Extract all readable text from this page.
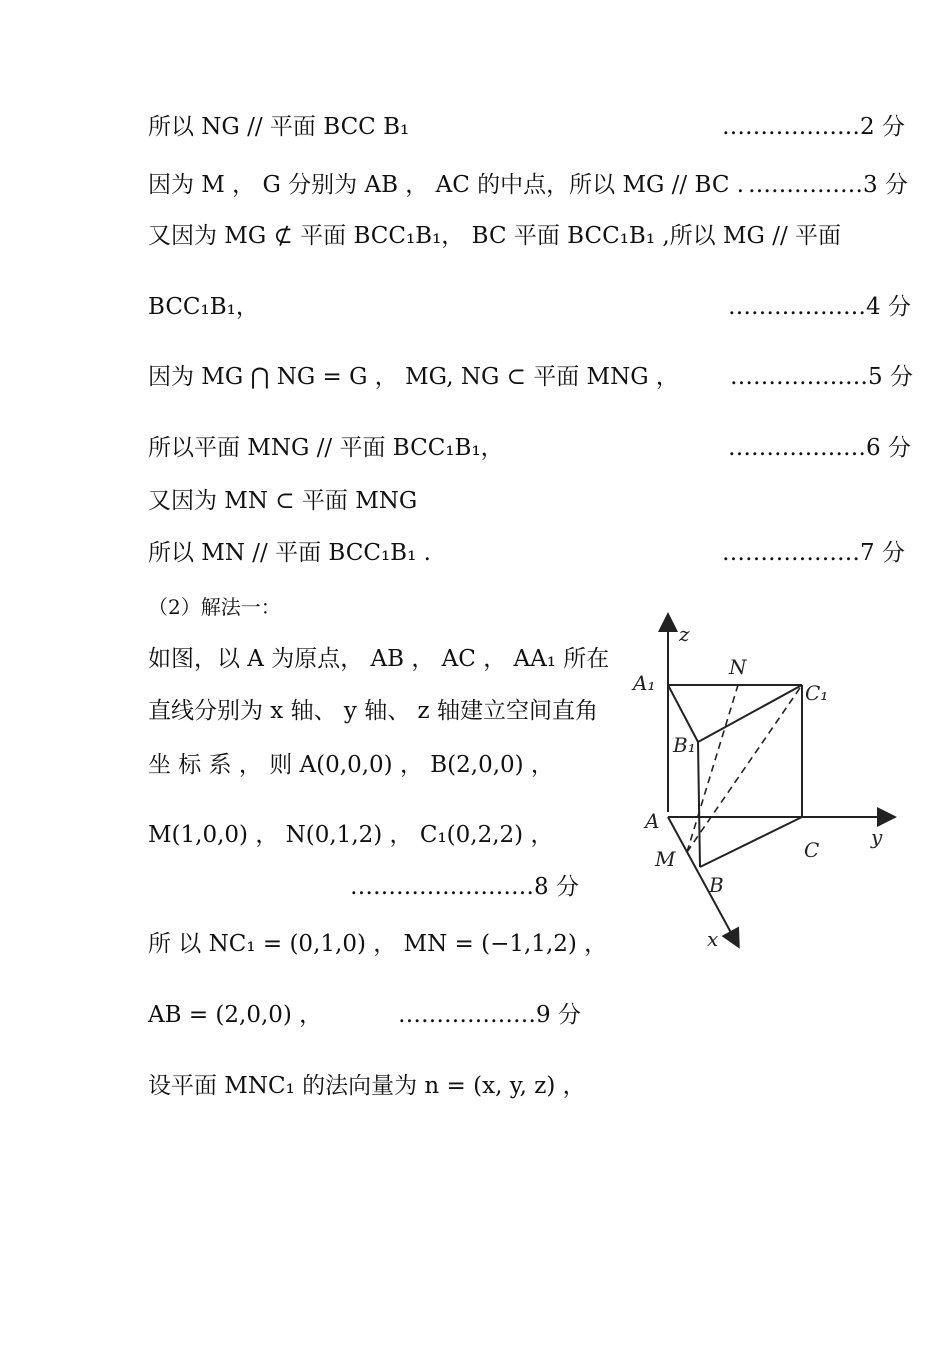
所以 NG // 平面 BCC B₁	………………2 分
因为 M ， G 分别为 AB ， AC 的中点，所以 MG // BC . ……………3 分
又因为 MG ⊄ 平面 BCC₁B₁， BC 平面 BCC₁B₁ ,所以 MG // 平面
BCC₁B₁，	………………4 分
因为 MG ⋂ NG = G ， MG, NG ⊂ 平面 MNG ， ………………5 分
所以平面 MNG // 平面 BCC₁B₁，	………………6 分
又因为 MN ⊂ 平面 MNG
所以 MN // 平面 BCC₁B₁ .	………………7 分
（2）解法一：
如图，以 A 为原点， AB ， AC ， AA₁ 所在
直线分别为 x 轴、 y 轴、 z 轴建立空间直角
坐 标 系 ， 则 A(0,0,0) ， B(2,0,0) ，
M(1,0,0) ， N(0,1,2) ， C₁(0,2,2) ，
……………………8 分
所 以 NC₁ = (0,1,0) ， MN = (−1,1,2) ，
AB = (2,0,0) ，	………………9 分
设平面 MNC₁ 的法向量为 n = (x, y, z) ，
z
N
A₁	C₁
B₁
A
y
C
M
B
x
